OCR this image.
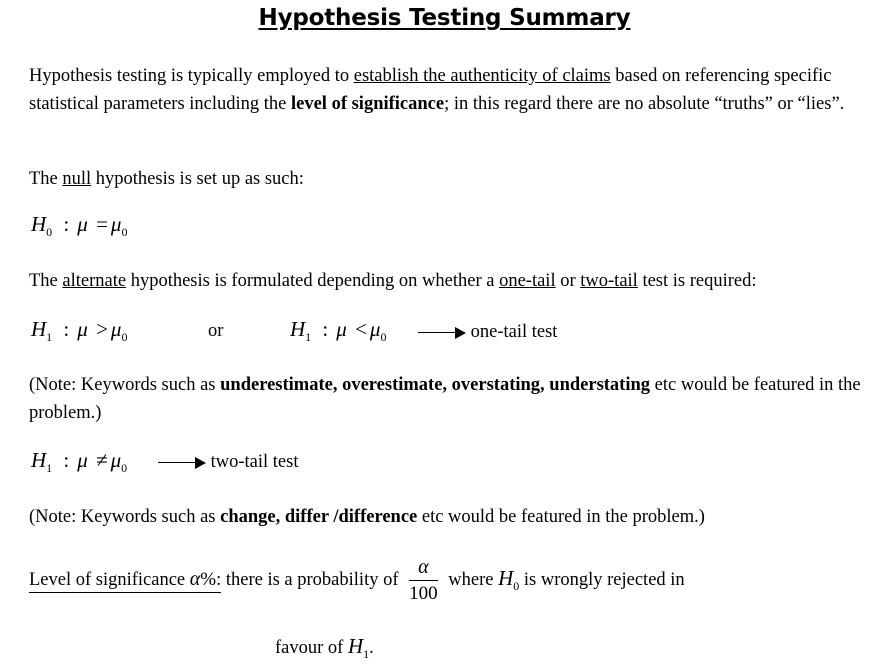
Hypothesis Testing Summary
Hypothesis testing is typically employed to establish the authenticity of claims based on referencing specific statistical parameters including the level of significance; in this regard there are no absolute “truths” or “lies”.
The null hypothesis is set up as such:
$H_0$ : $\mu = \mu_0$
The alternate hypothesis is formulated depending on whether a one-tail or two-tail test is required:
$H_1$ : $\mu > \mu_0$	or	$H_1$ : $\mu < \mu_0$	one-tail test
(Note: Keywords such as underestimate, overestimate, overstating, understating etc would be featured in the problem.)
$H_1$ : $\mu \ne \mu_0$	two-tail test
(Note: Keywords such as change, differ /difference etc would be featured in the problem.)
Level of significance α%: there is a probability of $\frac{\alpha}{100}$ where $H_0$ is wrongly rejected in
favour of $H_1$.
